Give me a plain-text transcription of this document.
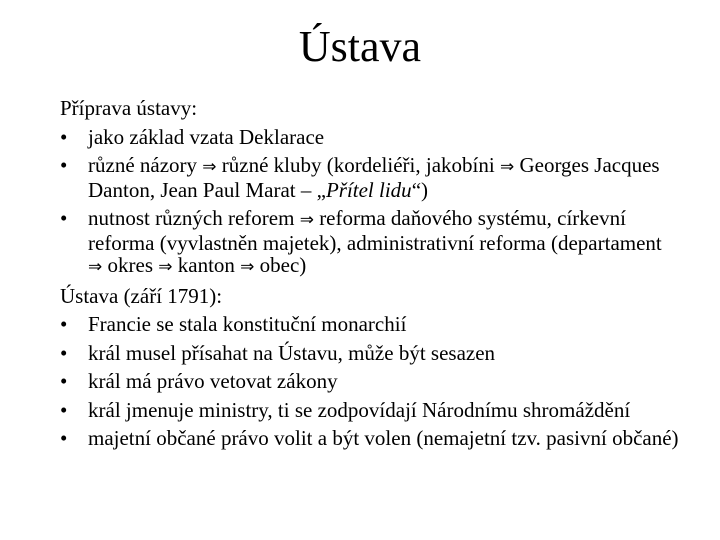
Ústava

Příprava ústavy:

• jako základ vzata Deklarace
• různé názory ⇒ různé kluby (kordeliéři, jakobíni ⇒ Georges Jacques Danton, Jean Paul Marat – „Přítel lidu“)
• nutnost různých reforem ⇒ reforma daňového systému, církevní reforma (vyvlastněn majetek), administrativní reforma (departament ⇒ okres ⇒ kanton ⇒ obec)

Ústava (září 1791):

• Francie se stala konstituční monarchií
• král musel přísahat na Ústavu, může být sesazen
• král má právo vetovat zákony
• král jmenuje ministry, ti se zodpovídají Národnímu shromáždění
• majetní občané právo volit a být volen (nemajetní tzv. pasivní občané)
